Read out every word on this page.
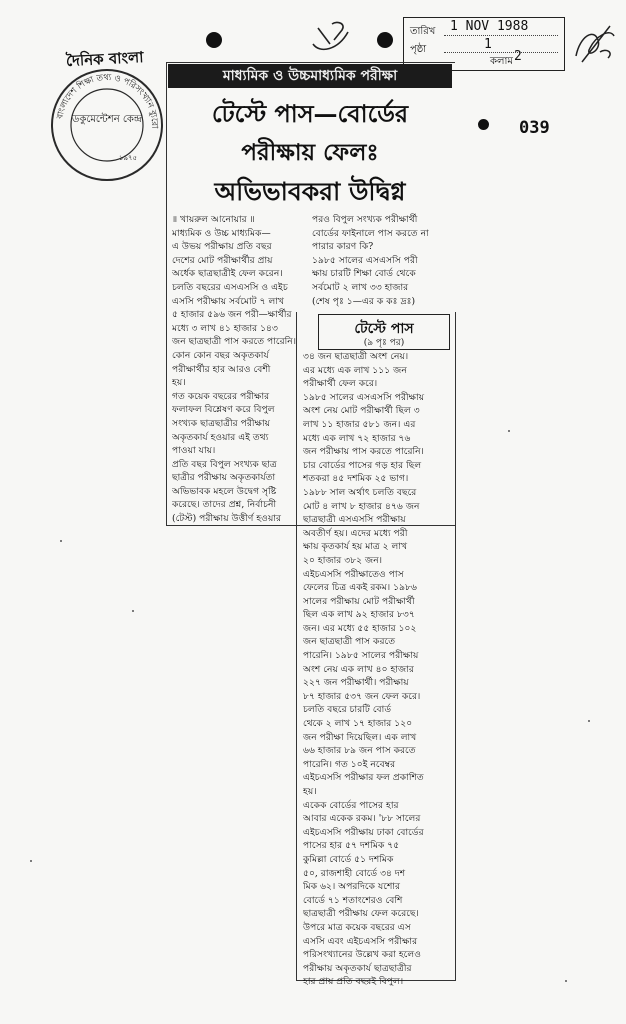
দৈনিক বাংলা
বাংলাদেশ শিক্ষা তথ্য ও পরিসংখ্যান ব্যুরো
ডকুমেন্টেশন কেন্দ্র
১৯৭৫
তারিখ 1 NOV 1988
পৃষ্ঠা	1
কলাম 2
039
মাধ্যমিক ও উচ্চমাধ্যমিক পরীক্ষা
টেস্টে পাস—বোর্ডের
পরীক্ষায় ফেলঃ
অভিভাবকরা উদ্বিগ্ন

॥ খায়রুল আনোয়ার ॥

মাধ্যমিক ও উচ্চ মাধ্যমিক—

এ উভয় পরীক্ষায় প্রতি বছর

দেশের মোট পরীক্ষার্থীর প্রায়

অর্ধেক ছাত্রছাত্রীই ফেল করেন।

চলতি বছরের এসএসসি ও এইচ

এসসি পরীক্ষায় সর্বমোট ৭ লাখ

৫ হাজার ৫৯৬ জন পরী—ক্ষার্থীর

মধ্যে ৩ লাখ ৪১ হাজার ১৪৩

জন ছাত্রছাত্রী পাস করতে পারেনি।

কোন কোন বছর অকৃতকার্য

পরীক্ষার্থীর হার আরও বেশী

হয়।

গত কয়েক বছরের পরীক্ষার

ফলাফল বিশ্লেষণ করে বিপুল

সংখ্যক ছাত্রছাত্রীর পরীক্ষায়

অকৃতকার্য হওয়ার এই তথ্য

পাওয়া যায়।

প্রতি বছর বিপুল সংখ্যক ছাত্র

ছাত্রীর পরীক্ষায় অকৃতকার্যতা

অভিভাবক মহলে উদ্বেগ সৃষ্টি

করেছে। তাদের প্রশ্ন, নির্বাচনী

(টেস্ট) পরীক্ষায় উত্তীর্ণ হওয়ার

পরও বিপুল সংখ্যক পরীক্ষার্থী

বোর্ডের ফাইনালে পাস করতে না

পারার কারণ কি?

১৯৮৫ সালের এসএসসি পরী

ক্ষায় চারটি শিক্ষা বোর্ড থেকে

সর্বমোট ২ লাখ ৩৩ হাজার

(শেষ পৃঃ ১—এর ক কঃ দ্রঃ)

টেস্টে পাস
(৯ পৃঃ পর)

৩৪ জন ছাত্রছাত্রী অংশ নেয়।

এর মধ্যে এক লাখ ১১১ জন

পরীক্ষার্থী ফেল করে।

১৯৮৫ সালের এসএসসি পরীক্ষায়

অংশ নেয় মোট পরীক্ষার্থী ছিল ৩

লাখ ১১ হাজার ৫৮১ জন। এর

মধ্যে এক লাখ ৭২ হাজার ৭৬

জন পরীক্ষায় পাস করতে পারেনি।

চার বোর্ডের পাসের গড় হার ছিল

শতকরা ৪৫ দশমিক ২৫ ভাগ।

১৯৮৮ সাল অর্থাৎ চলতি বছরে

মোট ৪ লাখ ৮ হাজার ৪৭৬ জন

ছাত্রছাত্রী এসএসসি পরীক্ষায়

অবতীর্ণ হয়। এদের মধ্যে পরী

ক্ষায় কৃতকার্য হয় মাত্র ২ লাখ

২০ হাজার ৩৮২ জন।

এইচএসসি পরীক্ষাতেও পাস

ফেলের চিত্র একই রকম। ১৯৮৬

সালের পরীক্ষায় মোট পরীক্ষার্থী

ছিল এক লাখ ৯২ হাজার ৮৩৭

জন। এর মধ্যে ৫৫ হাজার ১০২

জন ছাত্রছাত্রী পাস করতে

পারেনি। ১৯৮৫ সালের পরীক্ষায়

অংশ নেয় এক লাখ ৪০ হাজার

২২৭ জন পরীক্ষার্থী। পরীক্ষায়

৮৭ হাজার ৫৩৭ জন ফেল করে।

চলতি বছরে চারটি বোর্ড

থেকে ২ লাখ ১৭ হাজার ১২০

জন পরীক্ষা দিয়েছিল। এক লাখ

৬৬ হাজার ৮৯ জন পাস করতে

পারেনি। গত ১০ই নবেম্বর

এইচএসসি পরীক্ষার ফল প্রকাশিত

হয়।

একেক বোর্ডের পাসের হার

আবার একেক রকম। '৮৮ সালের

এইচএসসি পরীক্ষায় ঢাকা বোর্ডের

পাসের হার ৫৭ দশমিক ৭৫

কুমিল্লা বোর্ডে ৫১ দশমিক

৫০, রাজশাহী বোর্ডে ৩৪ দশ

মিক ৬২। অপরদিকে যশোর

বোর্ডে ৭১ শতাংশেরও বেশি

ছাত্রছাত্রী পরীক্ষায় ফেল করেছে।

উপরে মাত্র কয়েক বছরের এস

এসসি এবং এইচএসসি পরীক্ষার

পরিসংখ্যানের উল্লেখ করা হলেও

পরীক্ষায় অকৃতকার্য ছাত্রছাত্রীর

হার প্রায় প্রতি বছরই বিপুল।
